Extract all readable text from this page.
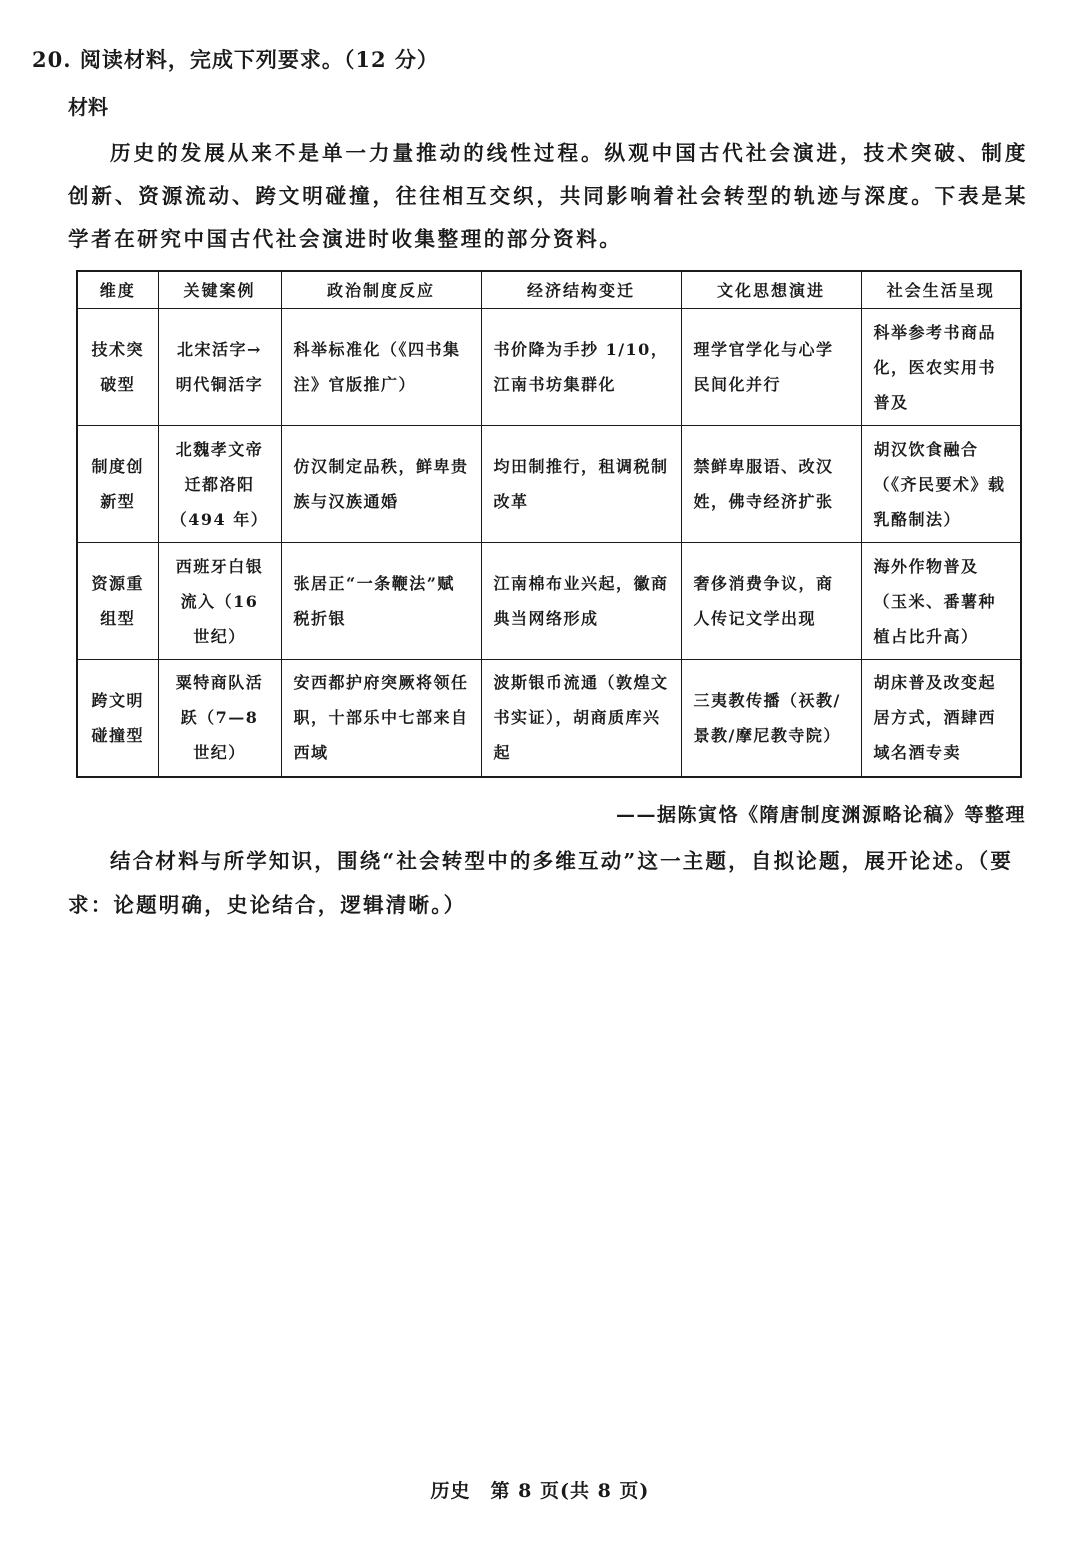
20. 阅读材料，完成下列要求。（12 分）
材料

历史的发展从来不是单一力量推动的线性过程。纵观中国古代社会演进，技术突破、制度创新、资源流动、跨文明碰撞，往往相互交织，共同影响着社会转型的轨迹与深度。下表是某学者在研究中国古代社会演进时收集整理的部分资料。

维度	关键案例	政治制度反应	经济结构变迁	文化思想演进	社会生活呈现
技术突破型	北宋活字→明代铜活字	科举标准化（《四书集注》官版推广）	书价降为手抄 1/10，江南书坊集群化	理学官学化与心学民间化并行	科举参考书商品化，医农实用书普及
制度创新型	北魏孝文帝迁都洛阳（494 年）	仿汉制定品秩，鲜卑贵族与汉族通婚	均田制推行，租调税制改革	禁鲜卑服语、改汉姓，佛寺经济扩张	胡汉饮食融合（《齐民要术》载乳酪制法）
资源重组型	西班牙白银流入（16 世纪）	张居正“一条鞭法”赋税折银	江南棉布业兴起，徽商典当网络形成	奢侈消费争议，商人传记文学出现	海外作物普及（玉米、番薯种植占比升高）
跨文明碰撞型	粟特商队活跃（7—8 世纪）	安西都护府突厥将领任职，十部乐中七部来自西域	波斯银币流通（敦煌文书实证），胡商质库兴起	三夷教传播（祆教/景教/摩尼教寺院）	胡床普及改变起居方式，酒肆西域名酒专卖
——据陈寅恪《隋唐制度渊源略论稿》等整理

结合材料与所学知识，围绕“社会转型中的多维互动”这一主题，自拟论题，展开论述。（要求：论题明确，史论结合，逻辑清晰。）

历史　第 8 页(共 8 页)
